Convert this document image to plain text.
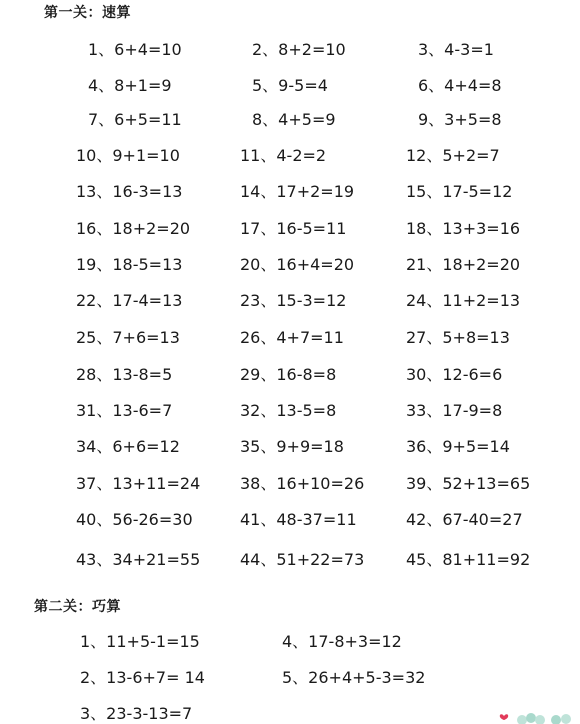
第一关：速算
1、6+4=10	2、8+2=10	3、4-3=1
4、8+1=9	5、9-5=4	6、4+4=8
7、6+5=11	8、4+5=9	9、3+5=8
10、9+1=10	11、4-2=2	12、5+2=7
13、16-3=13	14、17+2=19	15、17-5=12
16、18+2=20	17、16-5=11	18、13+3=16
19、18-5=13	20、16+4=20	21、18+2=20
22、17-4=13	23、15-3=12	24、11+2=13
25、7+6=13	26、4+7=11	27、5+8=13
28、13-8=5	29、16-8=8	30、12-6=6
31、13-6=7	32、13-5=8	33、17-9=8
34、6+6=12	35、9+9=18	36、9+5=14
37、13+11=24 38、16+10=26	39、52+13=65
40、56-26=30	41、48-37=11	42、67-40=27
43、34+21=55 44、51+22=73	45、81+11=92
第二关：巧算
1、11+5-1=15	4、17-8+3=12
2、13-6+7= 14	5、26+4+5-3=32
3、23-3-13=7
